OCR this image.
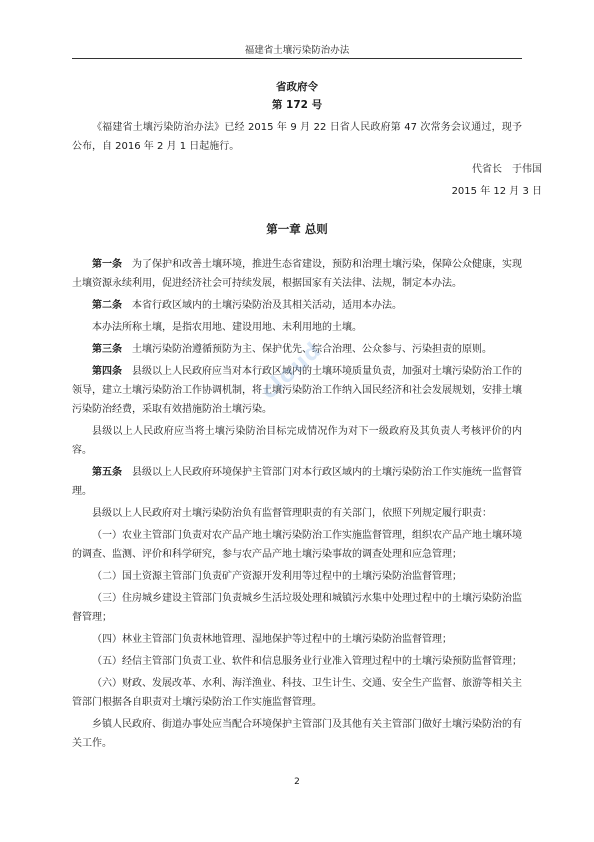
福建省土壤污染防治办法
省政府令
第 172 号
《福建省土壤污染防治办法》已经 2015 年 9 月 22 日省人民政府第 47 次常务会议通过，现予公布，自 2016 年 2 月 1 日起施行。
代省长　于伟国
2015 年 12 月 3 日
第一章 总则

第一条 为了保护和改善土壤环境，推进生态省建设，预防和治理土壤污染，保障公众健康，实现土壤资源永续利用，促进经济社会可持续发展，根据国家有关法律、法规，制定本办法。

第二条 本省行政区域内的土壤污染防治及其相关活动，适用本办法。

本办法所称土壤，是指农用地、建设用地、未利用地的土壤。

第三条 土壤污染防治遵循预防为主、保护优先、综合治理、公众参与、污染担责的原则。

第四条 县级以上人民政府应当对本行政区域内的土壤环境质量负责，加强对土壤污染防治工作的领导，建立土壤污染防治工作协调机制，将土壤污染防治工作纳入国民经济和社会发展规划，安排土壤污染防治经费，采取有效措施防治土壤污染。

县级以上人民政府应当将土壤污染防治目标完成情况作为对下一级政府及其负责人考核评价的内容。

第五条 县级以上人民政府环境保护主管部门对本行政区域内的土壤污染防治工作实施统一监督管理。

县级以上人民政府对土壤污染防治负有监督管理职责的有关部门，依照下列规定履行职责：

（一）农业主管部门负责对农产品产地土壤污染防治工作实施监督管理，组织农产品产地土壤环境的调查、监测、评价和科学研究，参与农产品产地土壤污染事故的调查处理和应急管理；

（二）国土资源主管部门负责矿产资源开发利用等过程中的土壤污染防治监督管理；

（三）住房城乡建设主管部门负责城乡生活垃圾处理和城镇污水集中处理过程中的土壤污染防治监督管理；

（四）林业主管部门负责林地管理、湿地保护等过程中的土壤污染防治监督管理；

（五）经信主管部门负责工业、软件和信息服务业行业准入管理过程中的土壤污染预防监督管理；

（六）财政、发展改革、水利、海洋渔业、科技、卫生计生、交通、安全生产监督、旅游等相关主管部门根据各自职责对土壤污染防治工作实施监督管理。

乡镇人民政府、街道办事处应当配合环境保护主管部门及其他有关主管部门做好土壤污染防治的有关工作。

cloud
2
